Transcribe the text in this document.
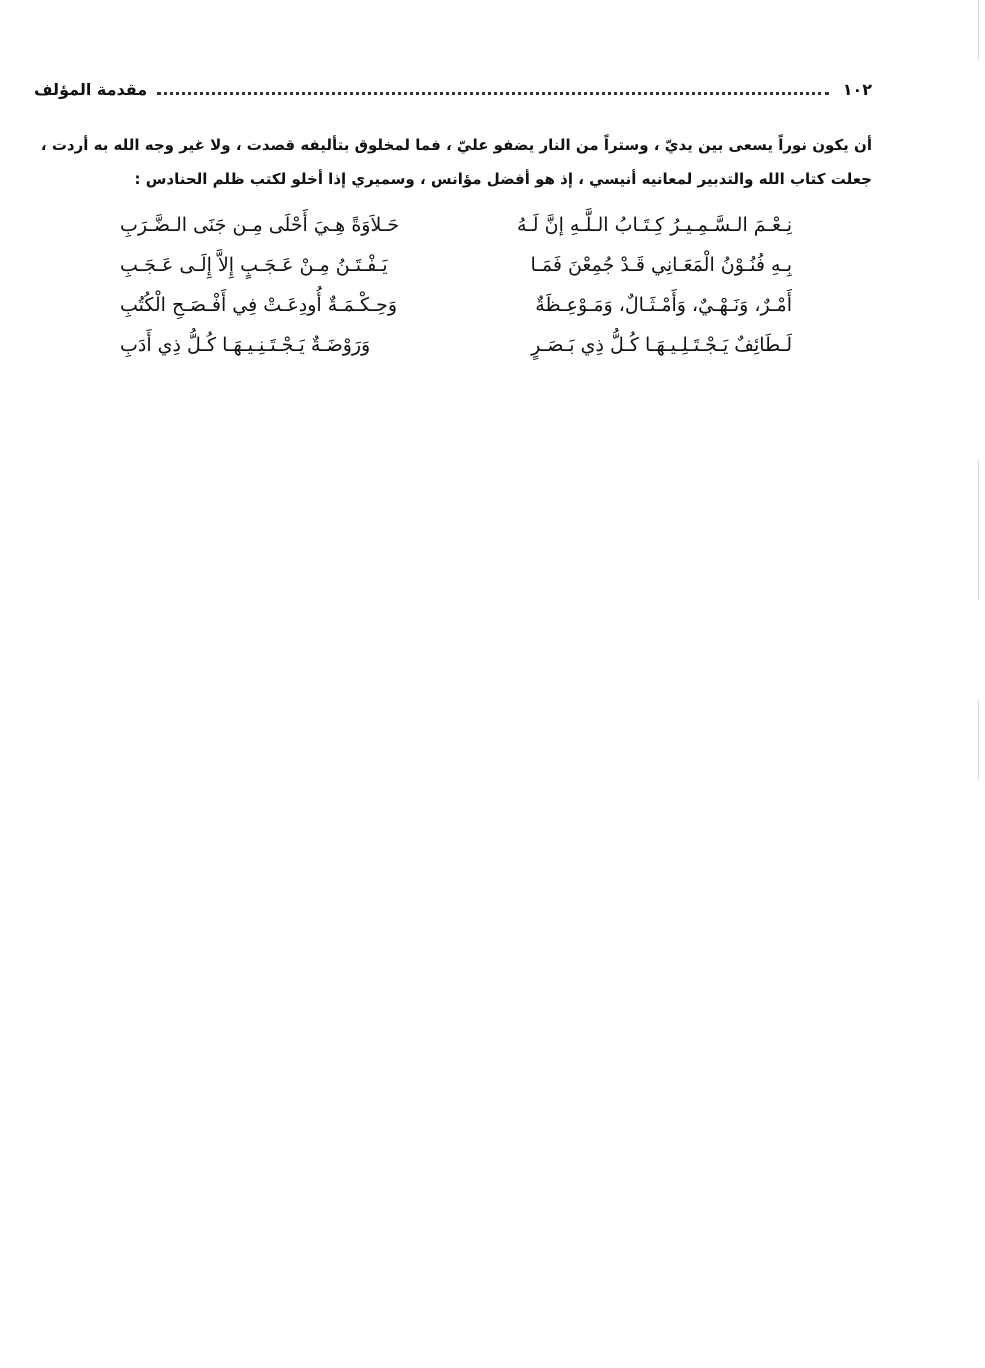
١٠٢
مقدمة المؤلف

أن يكون نوراً يسعى بين يديّ ، وستراً من النار يضفو عليّ ، فما لمخلوق بتأليفه قصدت ، ولا غير وجه الله به أردت ،

جعلت كتاب الله والتدبير لمعانيه أنيسي ، إذ هو أفضل مؤانس ، وسميري إذا أخلو لكتب ظلم الحنادس :

نِـعْـمَ الـسَّـمِـيـرُ كِـتَـابُ الـلَّـهِ إنَّ لَـهُ
حَـلاَوَةً هِـيَ أَحْلَى مِـن جَنَى الـضَّـرَبِ
بِـهِ فُنُـوْنُ الْمَعَـانِي قَـدْ جُمِعْنَ فَمَـا
يَـفْـتَـنُ مِـنْ عَـجَـبٍ إِلاَّ إِلَـى عَـجَـبِ
أَمْـرٌ، وَنَـهْـيٌ، وَأَمْـثَـالٌ، وَمَـوْعِـظَةٌ
وَحِـكْـمَـةٌ أُودِعَـتْ فِي أَفْـصَـحِ الْكُتُبِ
لَـطَائِفٌ يَـجْـتَـلِـيـهَـا كُـلُّ ذِي بَـصَـرٍ
وَرَوْضَـةٌ يَـجْـتَـنِـيـهَـا كُـلُّ ذِي أَدَبِ
